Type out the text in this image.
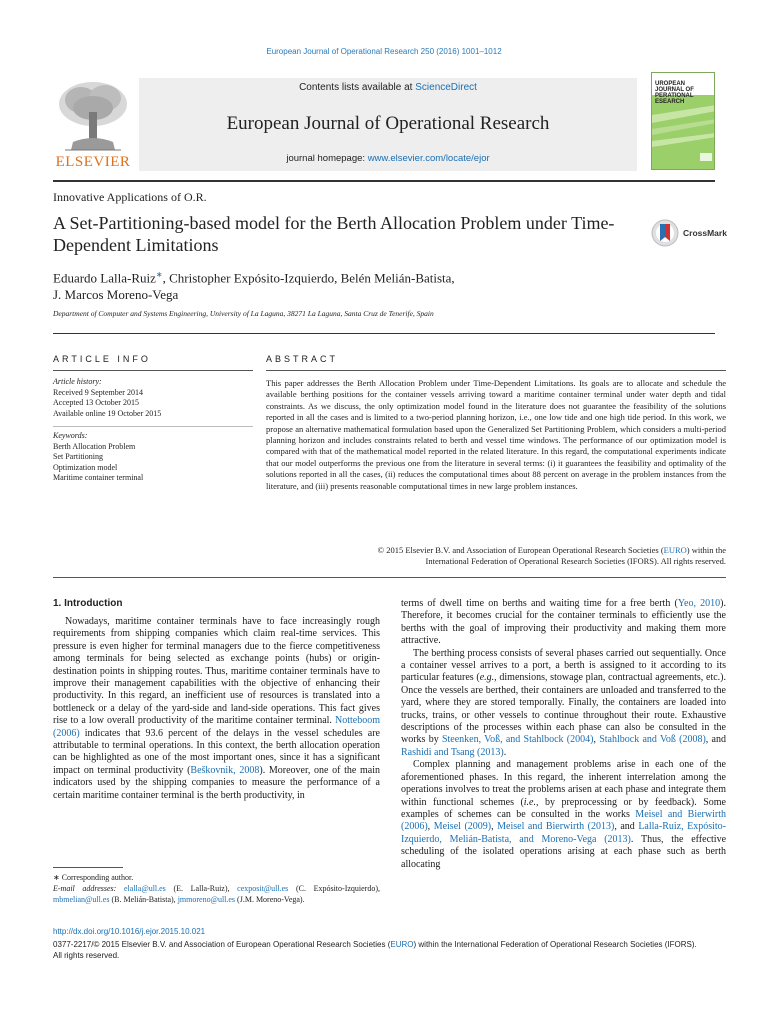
European Journal of Operational Research 250 (2016) 1001–1012
ELSEVIER
Contents lists available at ScienceDirect
European Journal of Operational Research
journal homepage: www.elsevier.com/locate/ejor
UROPEAN JOURNAL OF PERATIONAL ESEARCH
Innovative Applications of O.R.
A Set-Partitioning-based model for the Berth Allocation Problem under Time-Dependent Limitations
CrossMark
Eduardo Lalla-Ruiz∗, Christopher Expósito-Izquierdo, Belén Melián-Batista,
J. Marcos Moreno-Vega
Department of Computer and Systems Engineering, University of La Laguna, 38271 La Laguna, Santa Cruz de Tenerife, Spain
ARTICLE INFO
Article history:
Received 9 September 2014
Accepted 13 October 2015
Available online 19 October 2015
Keywords:
Berth Allocation Problem
Set Partitioning
Optimization model
Maritime container terminal
ABSTRACT
This paper addresses the Berth Allocation Problem under Time-Dependent Limitations. Its goals are to allocate and schedule the available berthing positions for the container vessels arriving toward a maritime container terminal under water depth and tidal constraints. As we discuss, the only optimization model found in the literature does not guarantee the feasibility of the solutions reported in all the cases and is limited to a two-period planning horizon, i.e., one low tide and one high tide period. In this work, we propose an alternative mathematical formulation based upon the Generalized Set Partitioning Problem, which considers a multi-period planning horizon and includes constraints related to berth and vessel time windows. The performance of our optimization model is compared with that of the mathematical model reported in the related literature. In this regard, the computational experiments indicate that our model outperforms the previous one from the literature in several terms: (i) it guarantees the feasibility and optimality of the solutions reported in all the cases, (ii) reduces the computational times about 88 percent on average in the problem instances from the literature, and (iii) presents reasonable computational times in new large problem instances.
© 2015 Elsevier B.V. and Association of European Operational Research Societies (EURO) within the
International Federation of Operational Research Societies (IFORS). All rights reserved.
1. Introduction

Nowadays, maritime container terminals have to face increasingly rough requirements from shipping companies which claim real-time services. This pressure is even higher for terminal managers due to the fierce competitiveness among terminals for being selected as exchange points (hubs) or origin-destination points in shipping routes. Thus, maritime container terminals have to improve their management capabilities with the objective of enhancing their productivity. In this regard, an inefficient use of resources is translated into a bottleneck or a delay of the yard-side and land-side operations. This fact gives rise to a low overall productivity of the maritime container terminal. Notteboom (2006) indicates that 93.6 percent of the delays in the vessel schedules are attributable to terminal operations. In this context, the berth allocation operation can be highlighted as one of the most important ones, since it has a significant impact on terminal productivity (Beškovnik, 2008). Moreover, one of the main indicators used by the shipping companies to measure the performance of a certain maritime container terminal is the berth productivity, in

terms of dwell time on berths and waiting time for a free berth (Yeo, 2010). Therefore, it becomes crucial for the container terminals to efficiently use the berths with the goal of improving their productivity and making them more attractive.

The berthing process consists of several phases carried out sequentially. Once a container vessel arrives to a port, a berth is assigned to it according to its particular features (e.g., dimensions, stowage plan, contractual agreements, etc.). Once the vessels are berthed, their containers are unloaded and transferred to the yard, where they are stored temporally. Finally, the containers are loaded into trucks, trains, or other vessels to continue throughout their route. Exhaustive descriptions of the processes within each phase can also be consulted in the works by Steenken, Voß, and Stahlbock (2004), Stahlbock and Voß (2008), and Rashidi and Tsang (2013).

Complex planning and management problems arise in each one of the aforementioned phases. In this regard, the inherent interrelation among the operations involves to treat the problems arisen at each phase and integrate them within functional schemes (i.e., by preprocessing or by feedback). Some examples of schemes can be consulted in the works Meisel and Bierwirth (2006), Meisel (2009), Meisel and Bierwirth (2013), and Lalla-Ruiz, Expósito-Izquierdo, Melián-Batista, and Moreno-Vega (2013). Thus, the effective scheduling of the isolated operations arising at each phase such as berth allocating

∗ Corresponding author.
E-mail addresses: elalla@ull.es (E. Lalla-Ruiz), cexposit@ull.es (C. Expósito-Izquierdo), mbmelian@ull.es (B. Melián-Batista), jmmoreno@ull.es (J.M. Moreno-Vega).
http://dx.doi.org/10.1016/j.ejor.2015.10.021
0377-2217/© 2015 Elsevier B.V. and Association of European Operational Research Societies (EURO) within the International Federation of Operational Research Societies (IFORS).
All rights reserved.
